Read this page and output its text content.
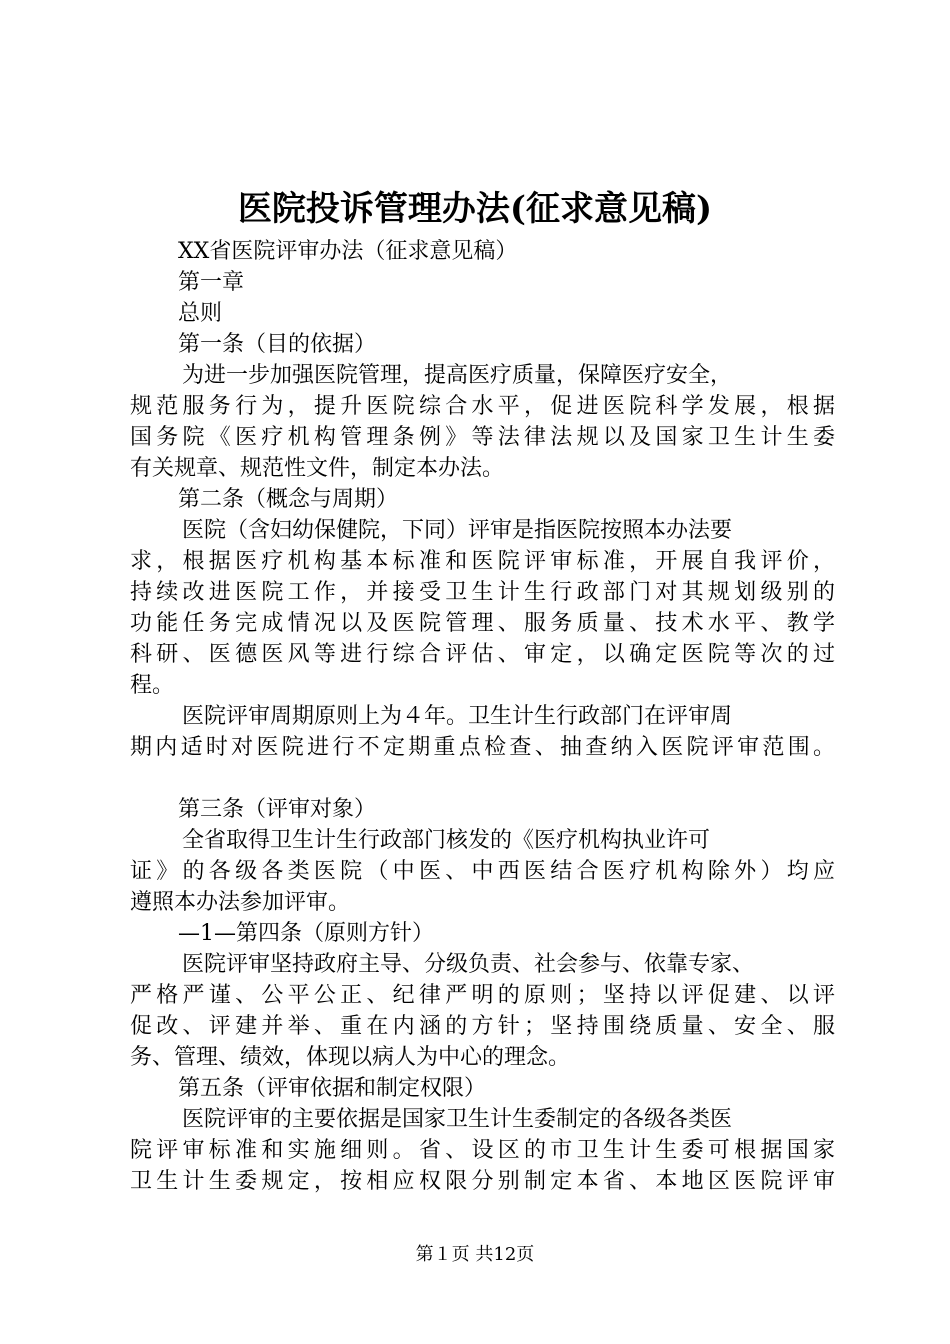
医院投诉管理办法(征求意见稿)
XX省医院评审办法（征求意见稿）
第一章
总则
第一条（目的依据）
为进一步加强医院管理，提高医疗质量，保障医疗安全，
规范服务行为，提升医院综合水平，促进医院科学发展，根据
国务院《医疗机构管理条例》等法律法规以及国家卫生计生委
有关规章、规范性文件，制定本办法。
第二条（概念与周期）
医院（含妇幼保健院，下同）评审是指医院按照本办法要
求，根据医疗机构基本标准和医院评审标准，开展自我评价，
持续改进医院工作，并接受卫生计生行政部门对其规划级别的
功能任务完成情况以及医院管理、服务质量、技术水平、教学
科研、医德医风等进行综合评估、审定，以确定医院等次的过
程。
医院评审周期原则上为４年。卫生计生行政部门在评审周
期内适时对医院进行不定期重点检查、抽查纳入医院评审范围。
第三条（评审对象）
全省取得卫生计生行政部门核发的《医疗机构执业许可
证》的各级各类医院（中医、中西医结合医疗机构除外）均应
遵照本办法参加评审。
—1—第四条（原则方针）
医院评审坚持政府主导、分级负责、社会参与、依靠专家、
严格严谨、公平公正、纪律严明的原则；坚持以评促建、以评
促改、评建并举、重在内涵的方针；坚持围绕质量、安全、服
务、管理、绩效，体现以病人为中心的理念。
第五条（评审依据和制定权限）
医院评审的主要依据是国家卫生计生委制定的各级各类医
院评审标准和实施细则。省、设区的市卫生计生委可根据国家
卫生计生委规定，按相应权限分别制定本省、本地区医院评审
第１页 共12页
